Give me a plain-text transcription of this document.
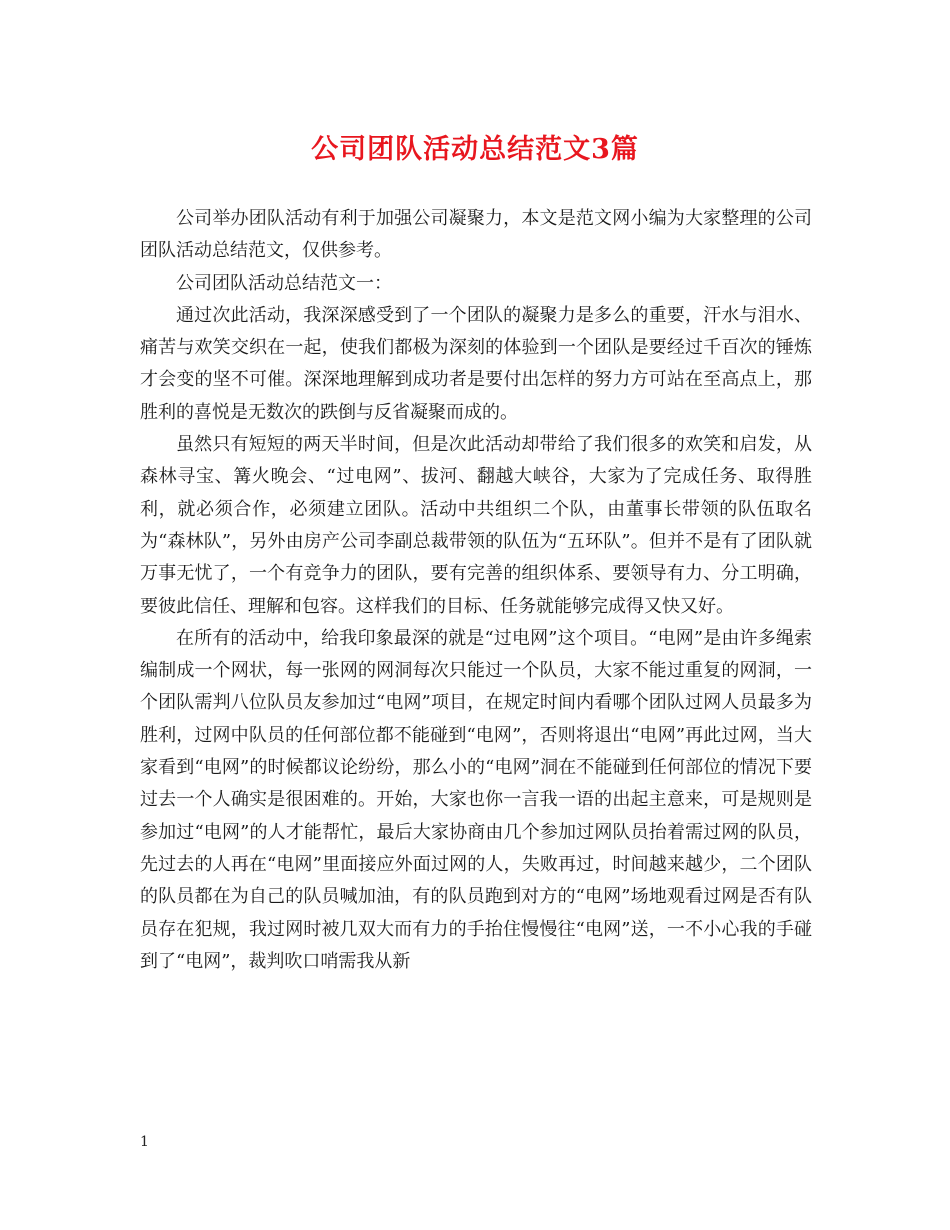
公司团队活动总结范文3篇

公司举办团队活动有利于加强公司凝聚力，本文是范文网小编为大家整理的公司团队活动总结范文，仅供参考。

公司团队活动总结范文一：

通过次此活动，我深深感受到了一个团队的凝聚力是多么的重要，汗水与泪水、痛苦与欢笑交织在一起，使我们都极为深刻的体验到一个团队是要经过千百次的锤炼才会变的坚不可催。深深地理解到成功者是要付出怎样的努力方可站在至高点上，那胜利的喜悦是无数次的跌倒与反省凝聚而成的。

虽然只有短短的两天半时间，但是次此活动却带给了我们很多的欢笑和启发，从森林寻宝、篝火晚会、“过电网”、拔河、翻越大峡谷，大家为了完成任务、取得胜利，就必须合作，必须建立团队。活动中共组织二个队，由董事长带领的队伍取名为“森林队”，另外由房产公司李副总裁带领的队伍为“五环队”。但并不是有了团队就万事无忧了，一个有竞争力的团队，要有完善的组织体系、要领导有力、分工明确，要彼此信任、理解和包容。这样我们的目标、任务就能够完成得又快又好。

在所有的活动中，给我印象最深的就是“过电网”这个项目。“电网”是由许多绳索编制成一个网状，每一张网的网洞每次只能过一个队员，大家不能过重复的网洞，一个团队需判八位队员友参加过“电网”项目，在规定时间内看哪个团队过网人员最多为胜利，过网中队员的任何部位都不能碰到“电网”，否则将退出“电网”再此过网，当大家看到“电网”的时候都议论纷纷，那么小的“电网”洞在不能碰到任何部位的情况下要过去一个人确实是很困难的。开始，大家也你一言我一语的出起主意来，可是规则是参加过“电网”的人才能帮忙，最后大家协商由几个参加过网队员抬着需过网的队员，先过去的人再在“电网”里面接应外面过网的人，失败再过，时间越来越少，二个团队的队员都在为自己的队员喊加油，有的队员跑到对方的“电网”场地观看过网是否有队员存在犯规，我过网时被几双大而有力的手抬住慢慢往“电网”送，一不小心我的手碰到了“电网”，裁判吹口哨需我从新

1
